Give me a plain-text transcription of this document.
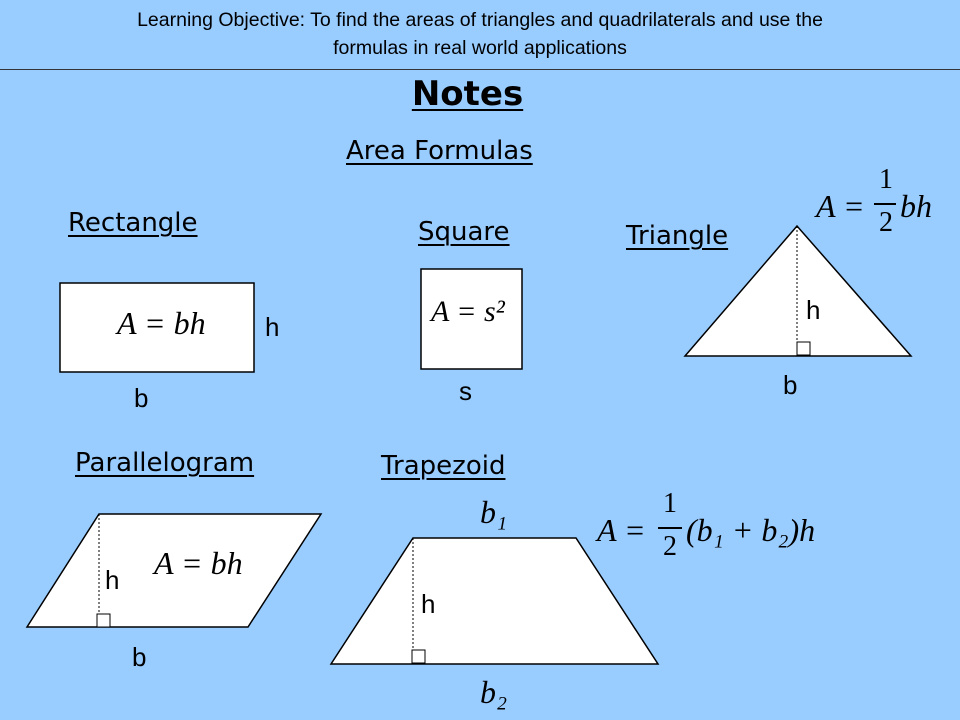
Learning Objective: To find the areas of triangles and quadrilaterals and use the
formulas in real world applications
Notes
Area Formulas
Rectangle	Square	Triangle
Parallelogram	Trapezoid
A = bh h
b
A = s²
s
A =
1
2 bh
h
b
A = bh
h
b
A =
1
2 (b₁ + b₂)h
b₁
b₂
h
